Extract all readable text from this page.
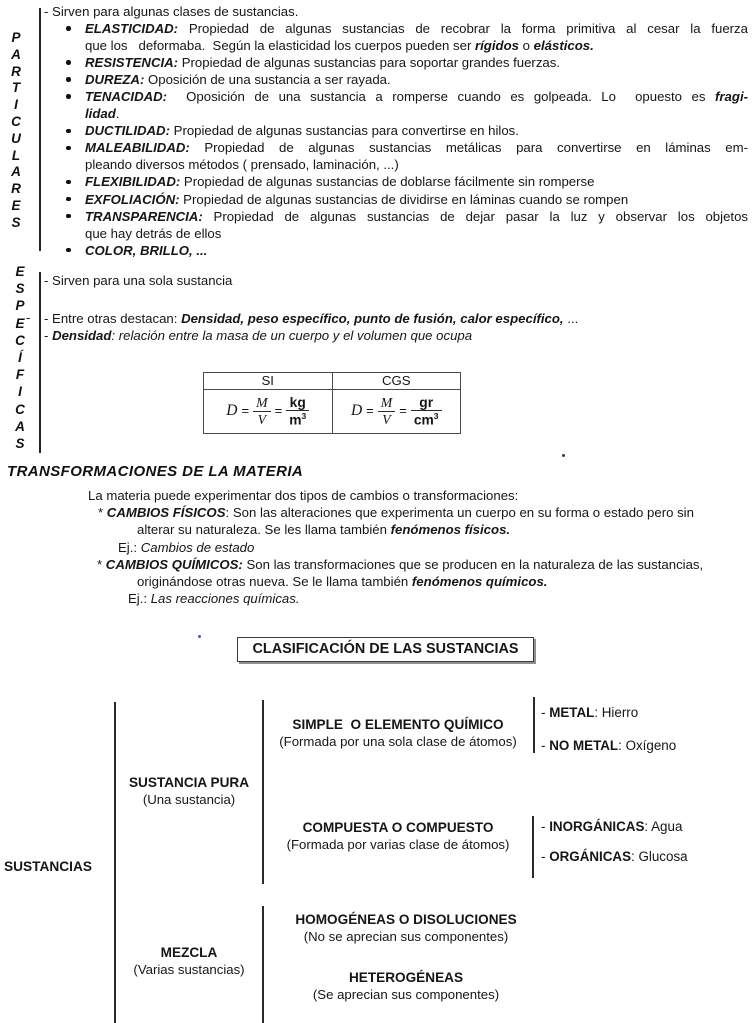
P
A
R
T
I
C
U
L
A
R
E
S
- Sirven para algunas clases de sustancias.
ELASTICIDAD: Propiedad de algunas sustancias de recobrar la forma primitiva al cesar la fuerza
que los   deformaba.  Según la elasticidad los cuerpos pueden ser rígidos o elásticos.
RESISTENCIA: Propiedad de algunas sustancias para soportar grandes fuerzas.
DUREZA: Oposición de una sustancia a ser rayada.
TENACIDAD:  Oposición de una sustancia a romperse cuando es golpeada. Lo  opuesto es fragi-
lidad.
DUCTILIDAD: Propiedad de algunas sustancias para convertirse en hilos.
MALEABILIDAD: Propiedad de algunas sustancias metálicas para convertirse en láminas em-
pleando diversos métodos ( prensado, laminación, ...)
FLEXIBILIDAD: Propiedad de algunas sustancias de doblarse fácilmente sin romperse
EXFOLIACIÓN: Propiedad de algunas sustancias de dividirse en láminas cuando se rompen
TRANSPARENCIA: Propiedad de algunas sustancias de dejar pasar la luz y observar los objetos
que hay detrás de ellos
COLOR, BRILLO, ...
E
S
P
E
C
Í
F
I
C
A
S
-
- Sirven para una sola sustancia
- Entre otras destacan: Densidad, peso específico, punto de fusión, calor específico, ...
- Densidad: relación entre la masa de un cuerpo y el volumen que ocupa
SI	CGS
$D = \frac{M}{V} = \frac{kg}{m^3}$	$D = \frac{M}{V} = \frac{gr}{cm^3}$
TRANSFORMACIONES DE LA MATERIA
La materia puede experimentar dos tipos de cambios o transformaciones:
* CAMBIOS FÍSICOS: Son las alteraciones que experimenta un cuerpo en su forma o estado pero sin
alterar su naturaleza. Se les llama también fenómenos físicos.
Ej.: Cambios de estado
* CAMBIOS QUÍMICOS: Son las transformaciones que se producen en la naturaleza de las sustancias,
originándose otras nueva. Se le llama también fenómenos químicos.
Ej.: Las reacciones químicas.
CLASIFICACIÓN DE LAS SUSTANCIAS
SUSTANCIAS
SUSTANCIA PURA
(Una sustancia)
MEZCLA
(Varias sustancias)
SIMPLE  O ELEMENTO QUÍMICO
(Formada por una sola clase de átomos)
COMPUESTA O COMPUESTO
(Formada por varias clase de átomos)
HOMOGÉNEAS O DISOLUCIONES
(No se aprecian sus componentes)
HETEROGÉNEAS
(Se aprecian sus componentes)
- METAL: Hierro
- NO METAL: Oxígeno
- INORGÁNICAS: Agua
- ORGÁNICAS: Glucosa
